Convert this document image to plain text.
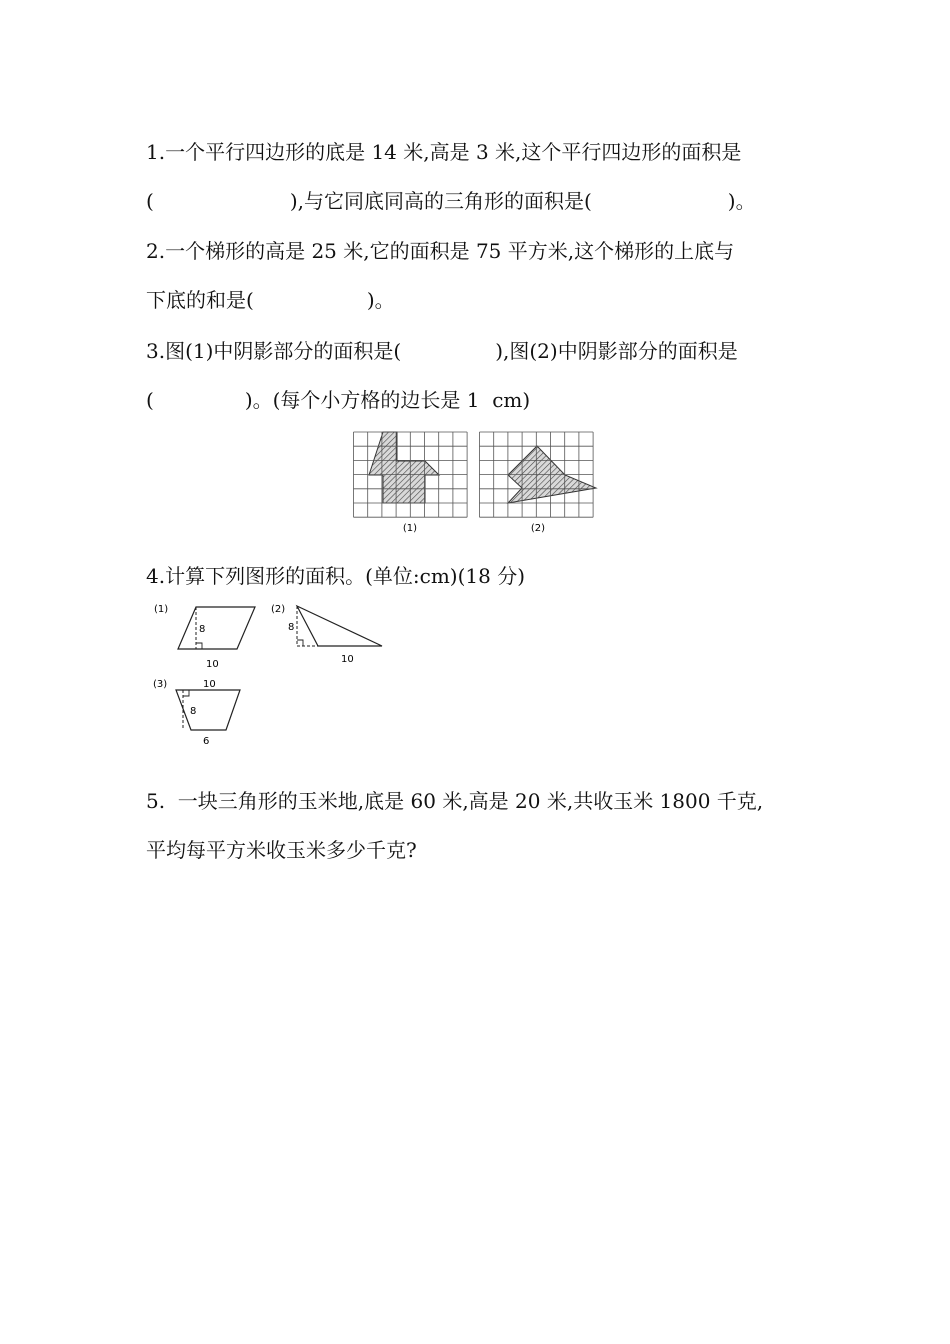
1.一个平行四边形的底是 14 米,高是 3 米,这个平行四边形的面积是
(	),与它同底同高的三角形的面积是(	)。
2.一个梯形的高是 25 米,它的面积是 75 平方米,这个梯形的上底与
下底的和是(	)。
3.图(1)中阴影部分的面积是(	),图(2)中阴影部分的面积是
(	)。(每个小方格的边长是 1  cm)
(1)	(2)
4.计算下列图形的面积。(单位:cm)(18 分)
(1)
8
10
(2)
8
10
(3)	10
8
6
5.  一块三角形的玉米地,底是 60 米,高是 20 米,共收玉米 1800 千克,
平均每平方米收玉米多少千克?
